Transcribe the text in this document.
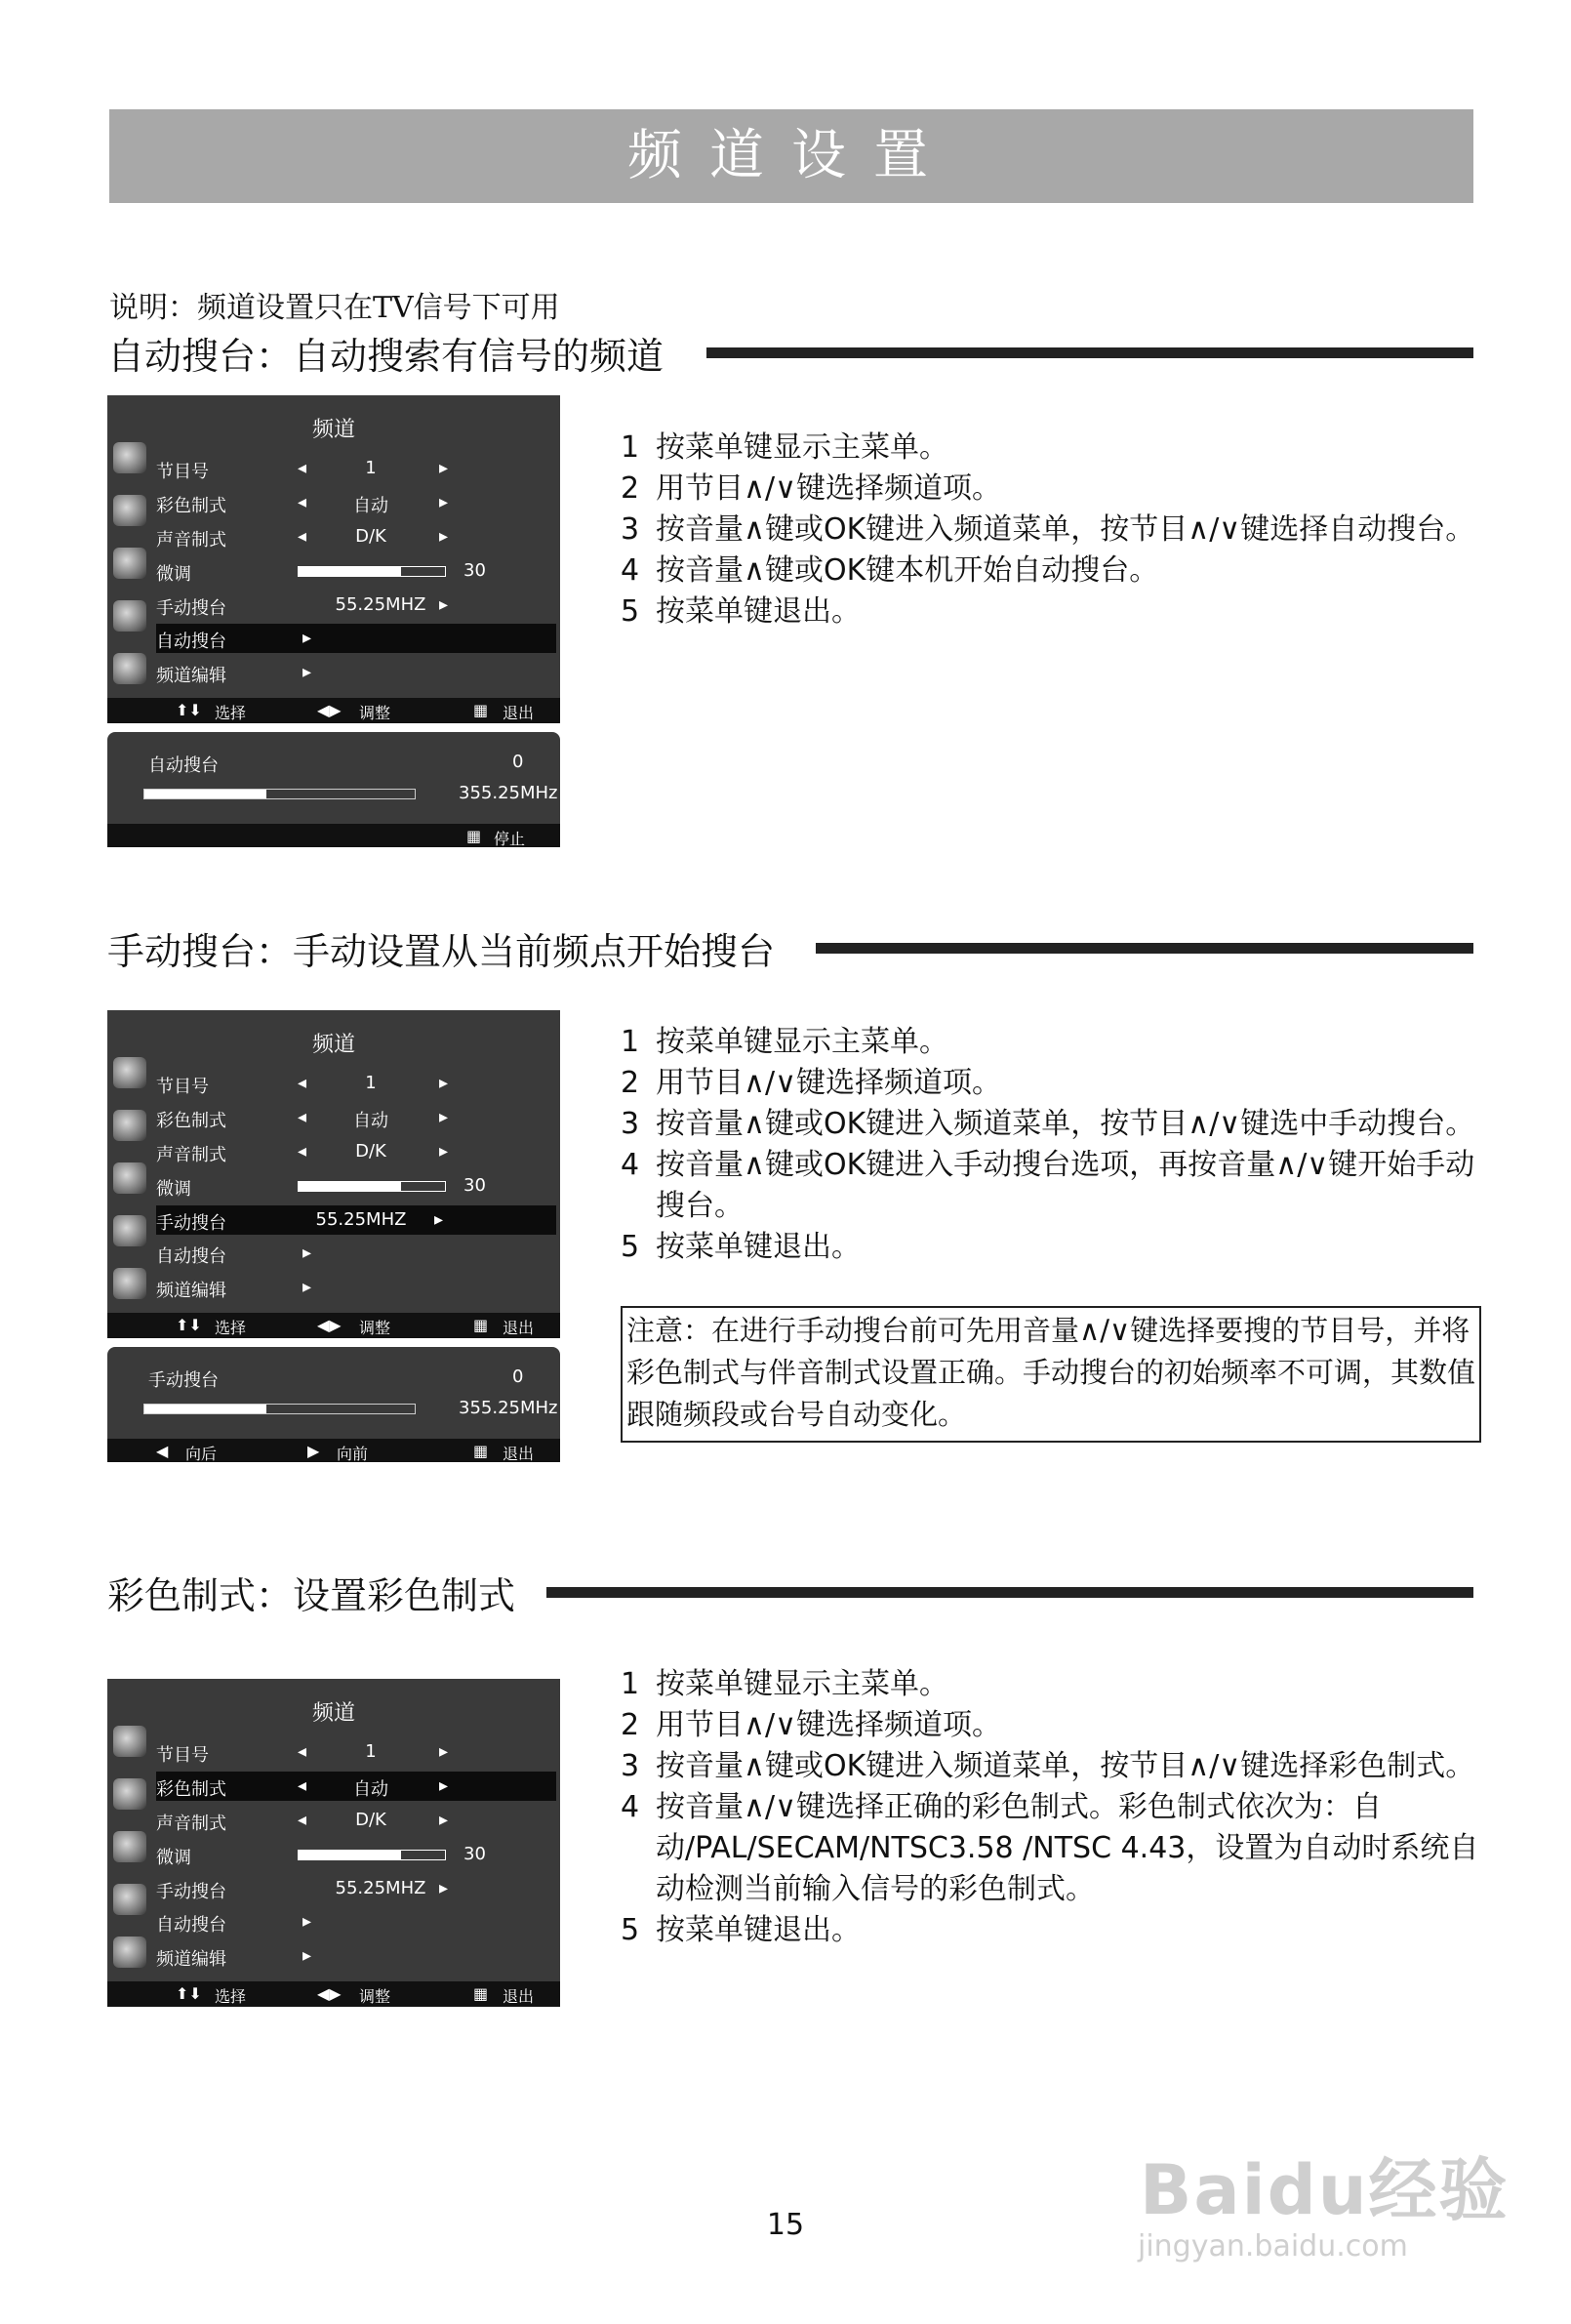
频道设置
说明：频道设置只在TV信号下可用
自动搜台：自动搜索有信号的频道
频道
节目号	◂	1	▸
彩色制式	◂	自动	▸
声音制式	◂	D/K	▸
微调	30
手动搜台	55.25MHZ ▸
自动搜台	▸
频道编辑	▸
⬆⬇ 选择	◀▶ 调整	▦ 退出
自动搜台	0
355.25MHz
▦ 停止
1 按菜单键显示主菜单。
2 用节目∧/∨键选择频道项。
3 按音量∧键或OK键进入频道菜单，按节目∧/∨键选择自动搜台。
4 按音量∧键或OK键本机开始自动搜台。
5 按菜单键退出。
手动搜台：手动设置从当前频点开始搜台
频道
节目号	◂	1	▸
彩色制式	◂	自动	▸
声音制式	◂	D/K	▸
微调	30
手动搜台	55.25MHZ	▸
自动搜台	▸
频道编辑	▸
⬆⬇ 选择	◀▶ 调整	▦ 退出
手动搜台	0
355.25MHz
◀ 向后	▶ 向前	▦ 退出
1 按菜单键显示主菜单。
2 用节目∧/∨键选择频道项。
3 按音量∧键或OK键进入频道菜单，按节目∧/∨键选中手动搜台。
4 按音量∧键或OK键进入手动搜台选项，再按音量∧/∨键开始手动搜台。
5 按菜单键退出。
注意：在进行手动搜台前可先用音量∧/∨键选择要搜的节目号，并将彩色制式与伴音制式设置正确。手动搜台的初始频率不可调，其数值跟随频段或台号自动变化。
彩色制式：设置彩色制式
频道
节目号	◂	1	▸
彩色制式	◂	自动	▸
声音制式	◂	D/K	▸
微调	30
手动搜台	55.25MHZ ▸
自动搜台	▸
频道编辑	▸
⬆⬇ 选择	◀▶ 调整	▦ 退出
1 按菜单键显示主菜单。
2 用节目∧/∨键选择频道项。
3 按音量∧键或OK键进入频道菜单，按节目∧/∨键选择彩色制式。
4 按音量∧/∨键选择正确的彩色制式。彩色制式依次为：自动/PAL/SECAM/NTSC3.58 /NTSC 4.43，设置为自动时系统自动检测当前输入信号的彩色制式。
5 按菜单键退出。
15	Baidu经验
jingyan.baidu.com
